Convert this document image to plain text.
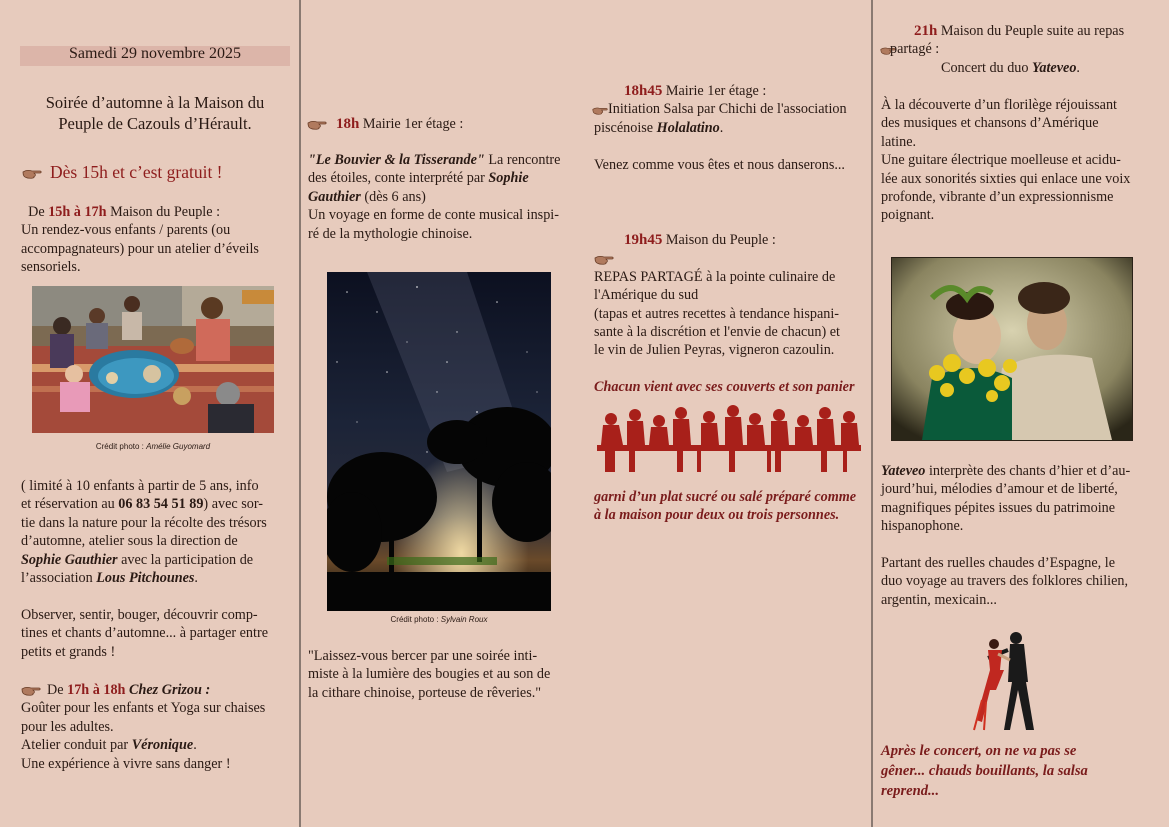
Samedi 29 novembre 2025
Soirée d’automne à la Maison du
Peuple de Cazouls d’Hérault.
Dès 15h et c’est gratuit !
De 15h à 17h Maison du Peuple :
Un rendez-vous enfants / parents (ou
accompagnateurs) pour un atelier d’éveils
sensoriels.
Crédit photo : Amélie Guyomard
( limité à 10 enfants à partir de 5 ans, info
et réservation au 06 83 54 51 89) avec sor-
tie dans la nature pour la récolte des trésors
d’automne, atelier sous la direction de
Sophie Gauthier avec la participation de
l’association Lous Pitchounes.
Observer, sentir, bouger, découvrir comp-
tines et chants d’automne... à partager entre
petits et grands !
De 17h à 18h Chez Grizou :
Goûter pour les enfants et Yoga sur chaises
pour les adultes.
Atelier conduit par Véronique.
Une expérience à vivre sans danger !
18h Mairie 1er étage :
"Le Bouvier & la Tisserande" La rencontre
des étoiles, conte interprété par Sophie
Gauthier (dès 6 ans)
Un voyage en forme de conte musical inspi-
ré de la mythologie chinoise.
Crédit photo : Sylvain Roux
"Laissez-vous bercer par une soirée inti-
miste à la lumière des bougies et au son de
la cithare chinoise, porteuse de rêveries."
18h45 Mairie 1er étage :
Initiation Salsa par Chichi de l'association
piscénoise Holalatino.
Venez comme vous êtes et nous danserons...
19h45 Maison du Peuple :
REPAS PARTAGÉ à la pointe culinaire de
l'Amérique du sud
(tapas et autres recettes à tendance hispani-
sante à la discrétion et l'envie de chacun) et
le vin de Julien Peyras, vigneron cazoulin.
Chacun vient avec ses couverts et son panier
garni d’un plat sucré ou salé préparé comme
à la maison pour deux ou trois personnes.
21h Maison du Peuple suite au repas
partagé :
Concert du duo Yateveo.
À la découverte d’un florilège réjouissant
des musiques et chansons d’Amérique
latine.
Une guitare électrique moelleuse et acidu-
lée aux sonorités sixties qui enlace une voix
profonde, vibrante d’un expressionnisme
poignant.
Yateveo interprète des chants d’hier et d’au-
jourd’hui, mélodies d’amour et de liberté,
magnifiques pépites issues du patrimoine
hispanophone.
Partant des ruelles chaudes d’Espagne, le
duo voyage au travers des folklores chilien,
argentin, mexicain...
Après le concert, on ne va pas se
gêner... chauds bouillants, la salsa
reprend...
